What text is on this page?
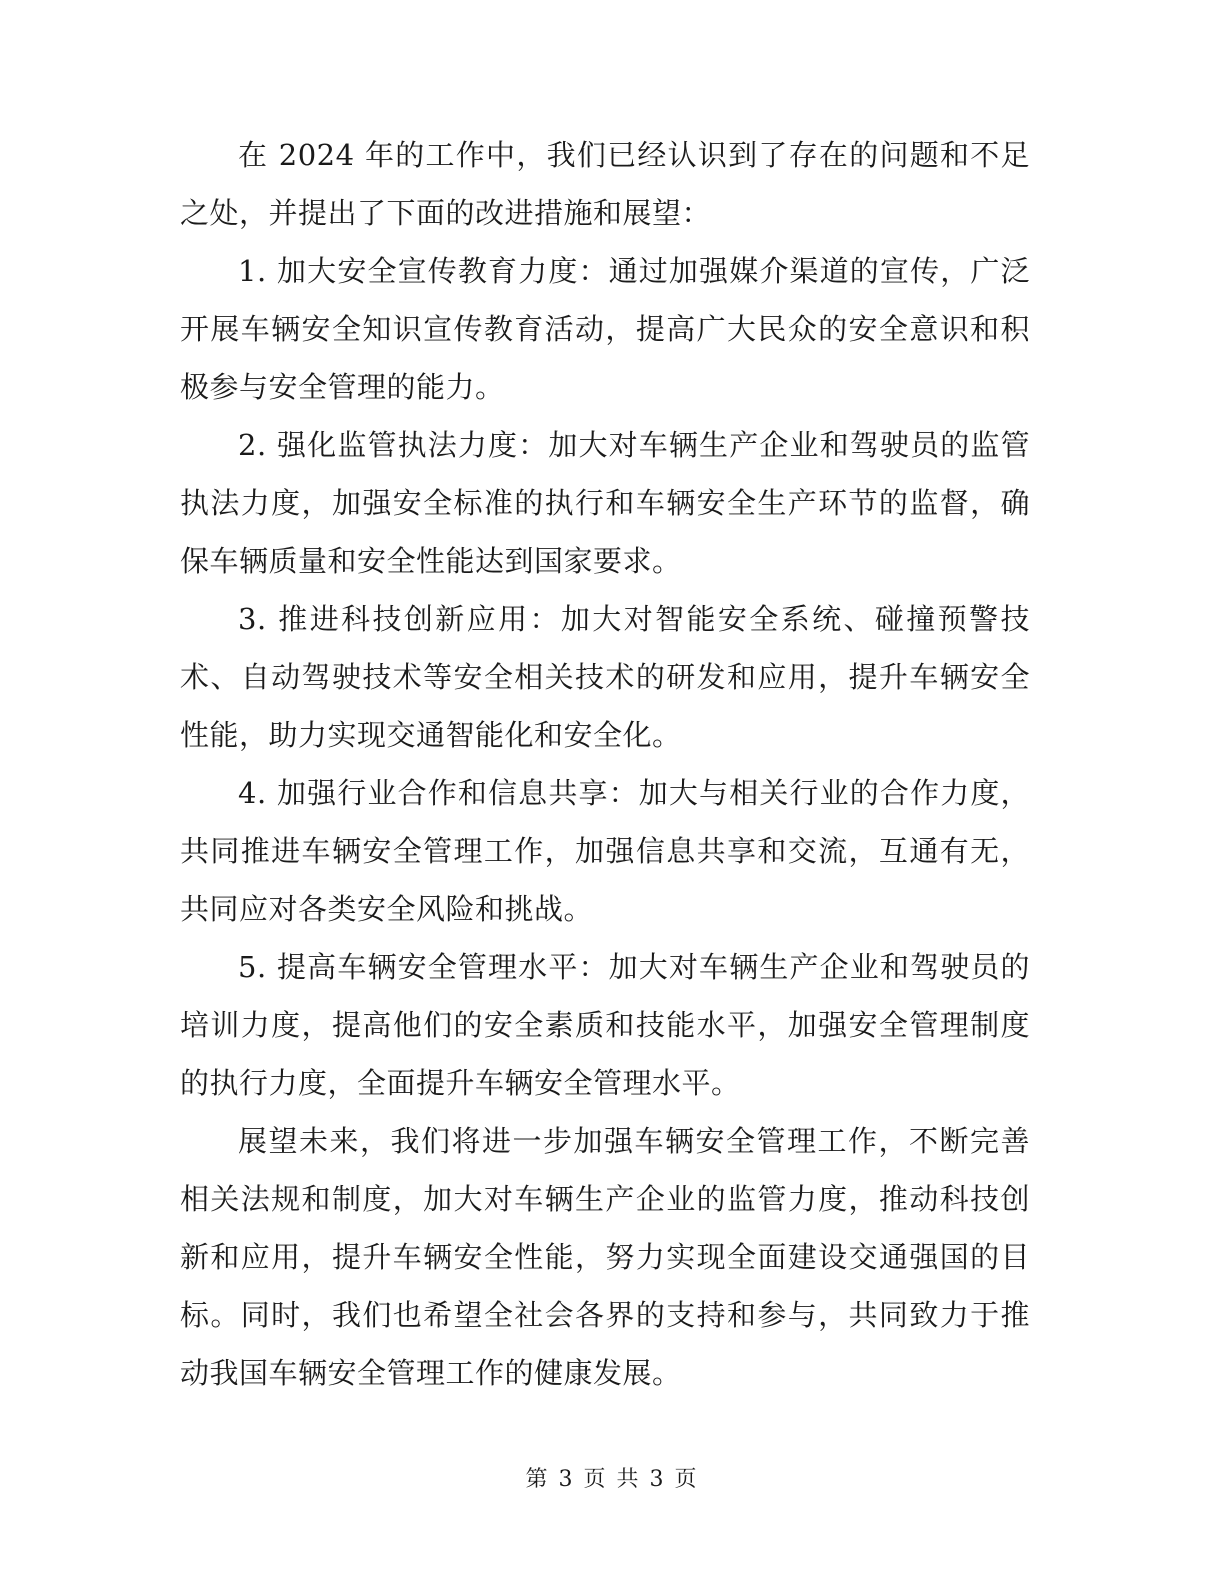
在 2024 年的工作中，我们已经认识到了存在的问题和不足之处，并提出了下面的改进措施和展望：

1. 加大安全宣传教育力度：通过加强媒介渠道的宣传，广泛开展车辆安全知识宣传教育活动，提高广大民众的安全意识和积极参与安全管理的能力。

2. 强化监管执法力度：加大对车辆生产企业和驾驶员的监管执法力度，加强安全标准的执行和车辆安全生产环节的监督，确保车辆质量和安全性能达到国家要求。

3. 推进科技创新应用：加大对智能安全系统、碰撞预警技术、自动驾驶技术等安全相关技术的研发和应用，提升车辆安全性能，助力实现交通智能化和安全化。

4. 加强行业合作和信息共享：加大与相关行业的合作力度，共同推进车辆安全管理工作，加强信息共享和交流，互通有无，共同应对各类安全风险和挑战。

5. 提高车辆安全管理水平：加大对车辆生产企业和驾驶员的培训力度，提高他们的安全素质和技能水平，加强安全管理制度的执行力度，全面提升车辆安全管理水平。

展望未来，我们将进一步加强车辆安全管理工作，不断完善相关法规和制度，加大对车辆生产企业的监管力度，推动科技创新和应用，提升车辆安全性能，努力实现全面建设交通强国的目标。同时，我们也希望全社会各界的支持和参与，共同致力于推动我国车辆安全管理工作的健康发展。

第 3 页 共 3 页
